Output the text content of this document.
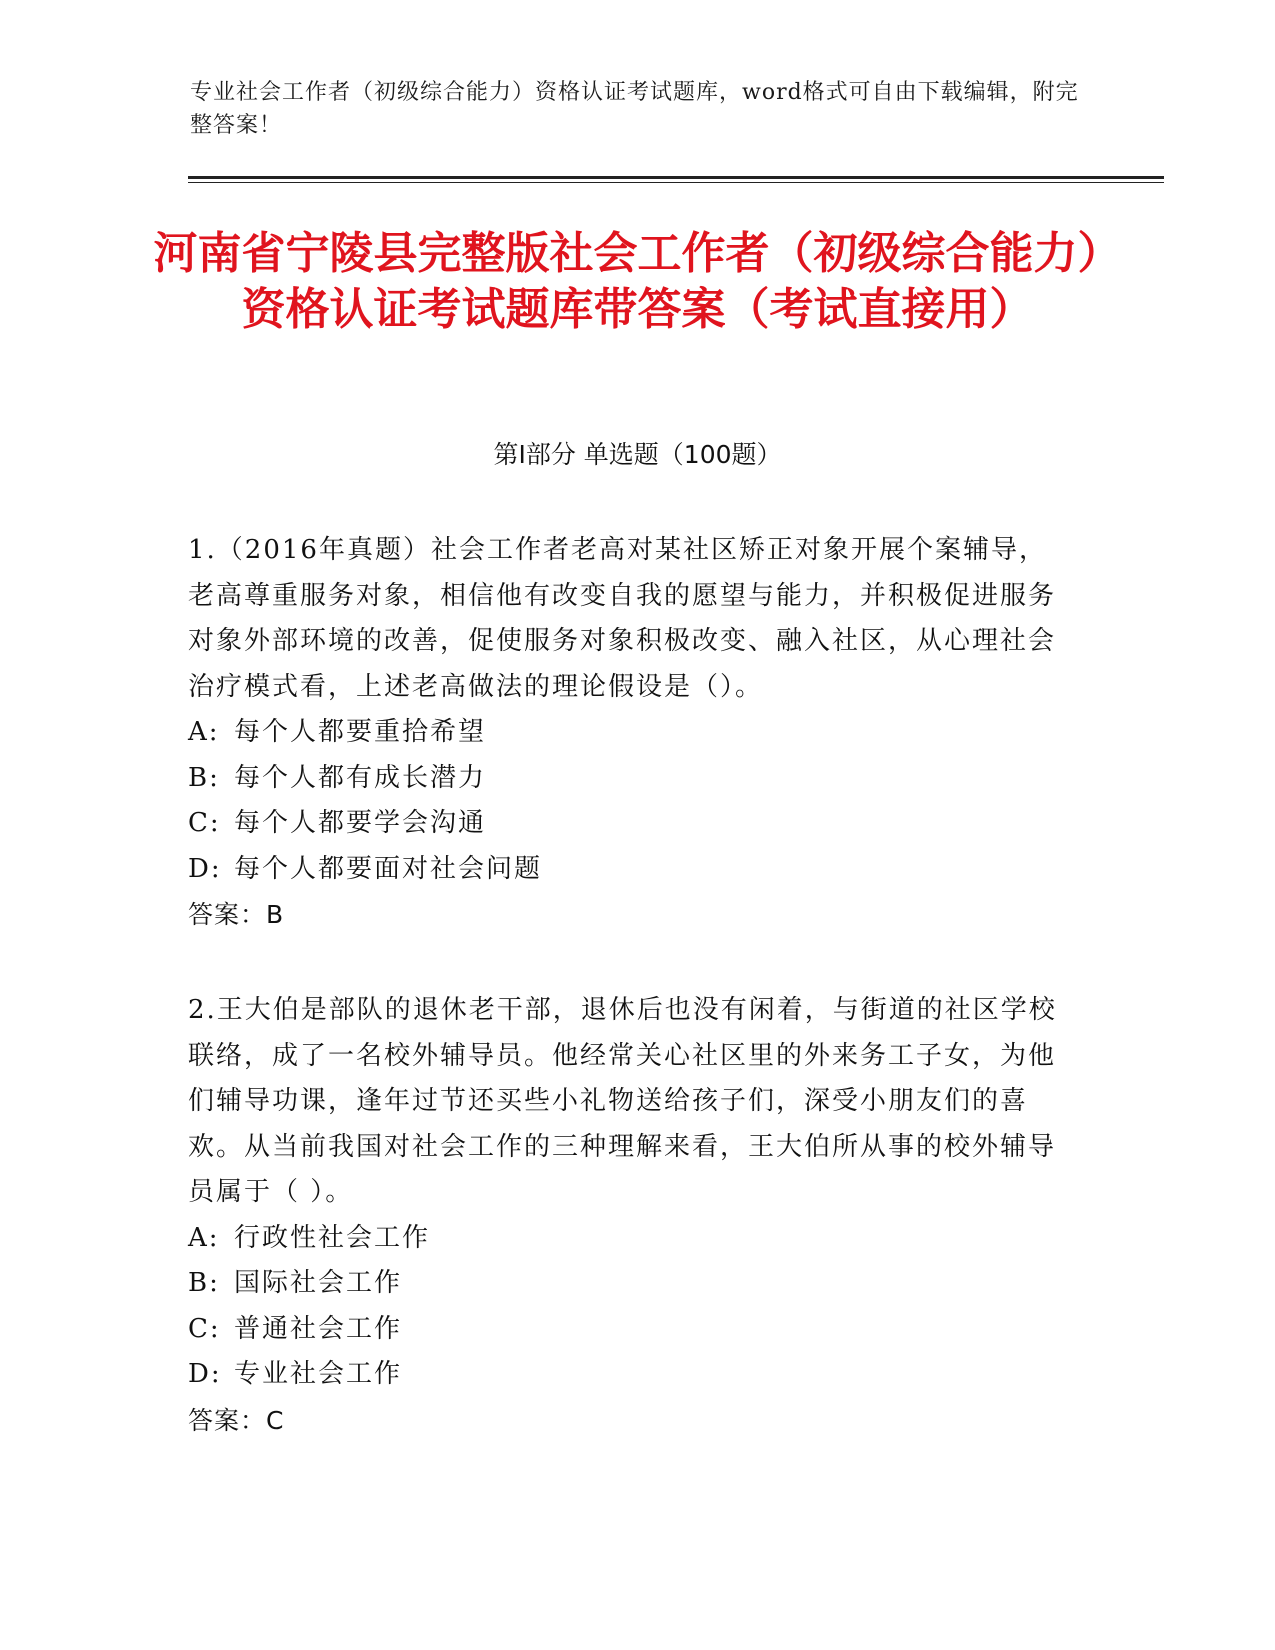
专业社会工作者（初级综合能力）资格认证考试题库，word格式可自由下载编辑，附完整答案！
河南省宁陵县完整版社会工作者（初级综合能力）资格认证考试题库带答案（考试直接用）
第Ⅰ部分 单选题（100题）

1.（2016年真题）社会工作者老高对某社区矫正对象开展个案辅导，老高尊重服务对象，相信他有改变自我的愿望与能力，并积极促进服务对象外部环境的改善，促使服务对象积极改变、融入社区，从心理社会治疗模式看，上述老高做法的理论假设是（）。

A: 每个人都要重拾希望
B: 每个人都有成长潜力
C: 每个人都要学会沟通
D: 每个人都要面对社会问题

答案：B

2.王大伯是部队的退休老干部，退休后也没有闲着，与街道的社区学校联络，成了一名校外辅导员。他经常关心社区里的外来务工子女，为他们辅导功课，逢年过节还买些小礼物送给孩子们，深受小朋友们的喜欢。从当前我国对社会工作的三种理解来看，王大伯所从事的校外辅导员属于（ ）。

A: 行政性社会工作
B: 国际社会工作
C: 普通社会工作
D: 专业社会工作

答案：C
